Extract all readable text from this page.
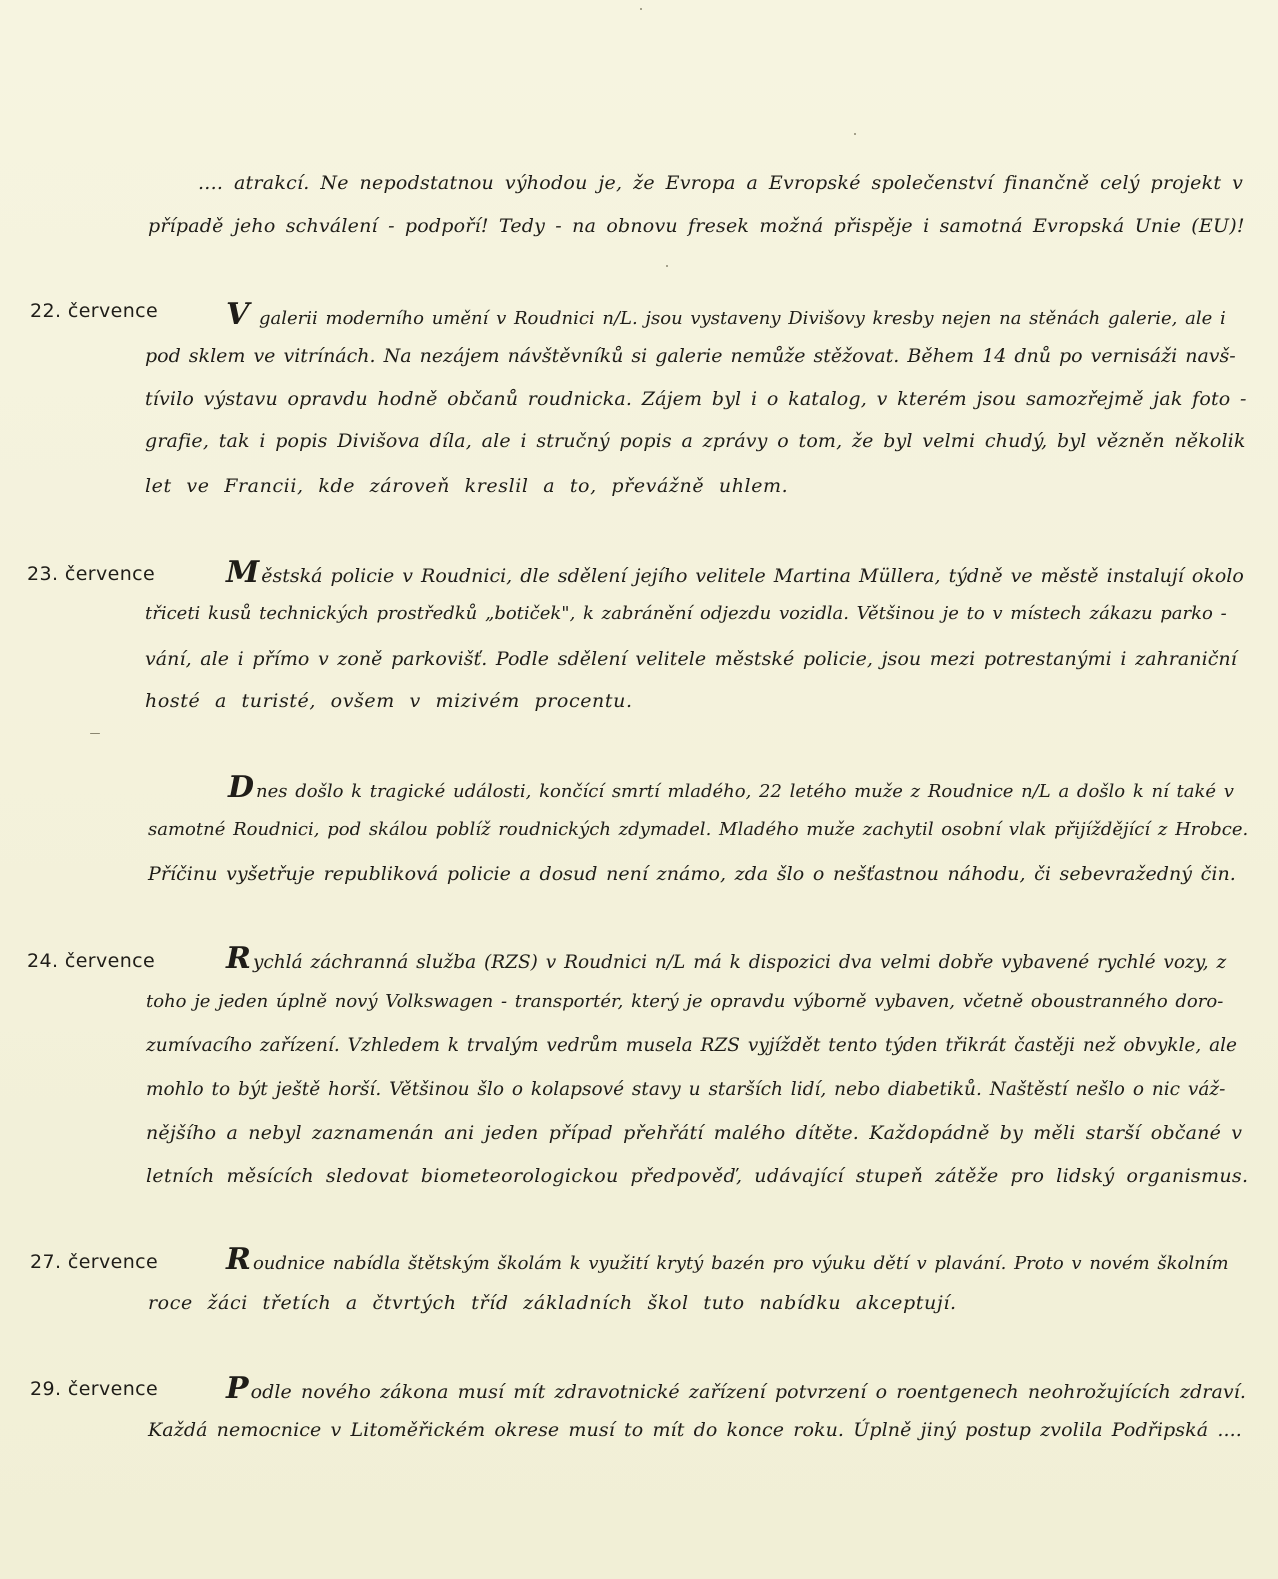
.... atrakcí. Ne nepodstatnou výhodou je, že Evropa a Evropské společenství finančně celý projekt v
případě jeho schválení - podpoří! Tedy - na obnovu fresek možná přispěje i samotná Evropská Unie (EU)!
22. července V galerii moderního umění v Roudnici n/L. jsou vystaveny Divišovy kresby nejen na stěnách galerie, ale i
pod sklem ve vitrínách. Na nezájem návštěvníků si galerie nemůže stěžovat. Během 14 dnů po vernisáži navš-
tívilo výstavu opravdu hodně občanů roudnicka. Zájem byl i o katalog, v kterém jsou samozřejmě jak foto -
grafie, tak i popis Divišova díla, ale i stručný popis a zprávy o tom, že byl velmi chudý, byl vězněn několik
let ve Francii, kde zároveň kreslil a to, převážně uhlem.
23. července Městská policie v Roudnici, dle sdělení jejího velitele Martina Müllera, týdně ve městě instalují okolo
třiceti kusů technických prostředků „botiček", k zabránění odjezdu vozidla. Většinou je to v místech zákazu parko -
vání, ale i přímo v zoně parkovišť. Podle sdělení velitele městské policie, jsou mezi potrestanými i zahraniční
hosté a turisté, ovšem v mizivém procentu.
Dnes došlo k tragické události, končící smrtí mladého, 22 letého muže z Roudnice n/L a došlo k ní také v
samotné Roudnici, pod skálou poblíž roudnických zdymadel. Mladého muže zachytil osobní vlak přijíždějící z Hrobce.
Příčinu vyšetřuje republiková policie a dosud není známo, zda šlo o nešťastnou náhodu, či sebevražedný čin.
24. července Rychlá záchranná služba (RZS) v Roudnici n/L má k dispozici dva velmi dobře vybavené rychlé vozy, z
toho je jeden úplně nový Volkswagen - transportér, který je opravdu výborně vybaven, včetně oboustranného doro-
zumívacího zařízení. Vzhledem k trvalým vedrům musela RZS vyjíždět tento týden třikrát častěji než obvykle, ale
mohlo to být ještě horší. Většinou šlo o kolapsové stavy u starších lidí, nebo diabetiků. Naštěstí nešlo o nic váž-
nějšího a nebyl zaznamenán ani jeden případ přehřátí malého dítěte. Každopádně by měli starší občané v
letních měsících sledovat biometeorologickou předpověď, udávající stupeň zátěže pro lidský organismus.
27. července Roudnice nabídla štětským školám k využití krytý bazén pro výuku dětí v plavání. Proto v novém školním
roce žáci třetích a čtvrtých tříd základních škol tuto nabídku akceptují.
29. července Podle nového zákona musí mít zdravotnické zařízení potvrzení o roentgenech neohrožujících zdraví.
Každá nemocnice v Litoměřickém okrese musí to mít do konce roku. Úplně jiný postup zvolila Podřipská ....
